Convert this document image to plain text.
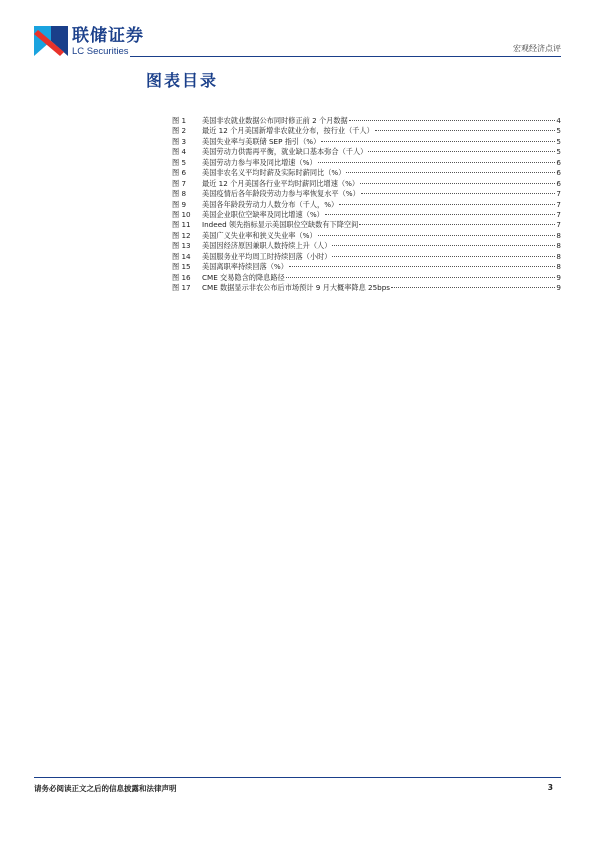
联储证券
LC Securities	宏观经济点评
图表目录
图 1	美国非农就业数据公布同时修正前 2 个月数据	4
图 2	最近 12 个月美国新增非农就业分布，按行业（千人）	5
图 3	美国失业率与美联储 SEP 指引（%）	5
图 4	美国劳动力供需再平衡，就业缺口基本弥合（千人）	5
图 5	美国劳动力参与率及同比增速（%）	6
图 6	美国非农名义平均时薪及实际时薪同比（%）	6
图 7	最近 12 个月美国各行业平均时薪同比增速（%）	6
图 8	美国疫情后各年龄段劳动力参与率恢复水平（%）	7
图 9	美国各年龄段劳动力人数分布（千人，%）	7
图 10	美国企业职位空缺率及同比增速（%）	7
图 11	Indeed 领先指标显示美国职位空缺数有下降空间	7
图 12	美国广义失业率和狭义失业率（%）	8
图 13	美国因经济原因兼职人数持续上升（人）	8
图 14	美国服务业平均周工时持续回落（小时）	8
图 15	美国离职率持续回落（%）	8
图 16	CME 交易隐含的降息路径	9
图 17	CME 数据显示非农公布后市场预计 9 月大概率降息 25bps	9
请务必阅读正文之后的信息披露和法律声明	3
